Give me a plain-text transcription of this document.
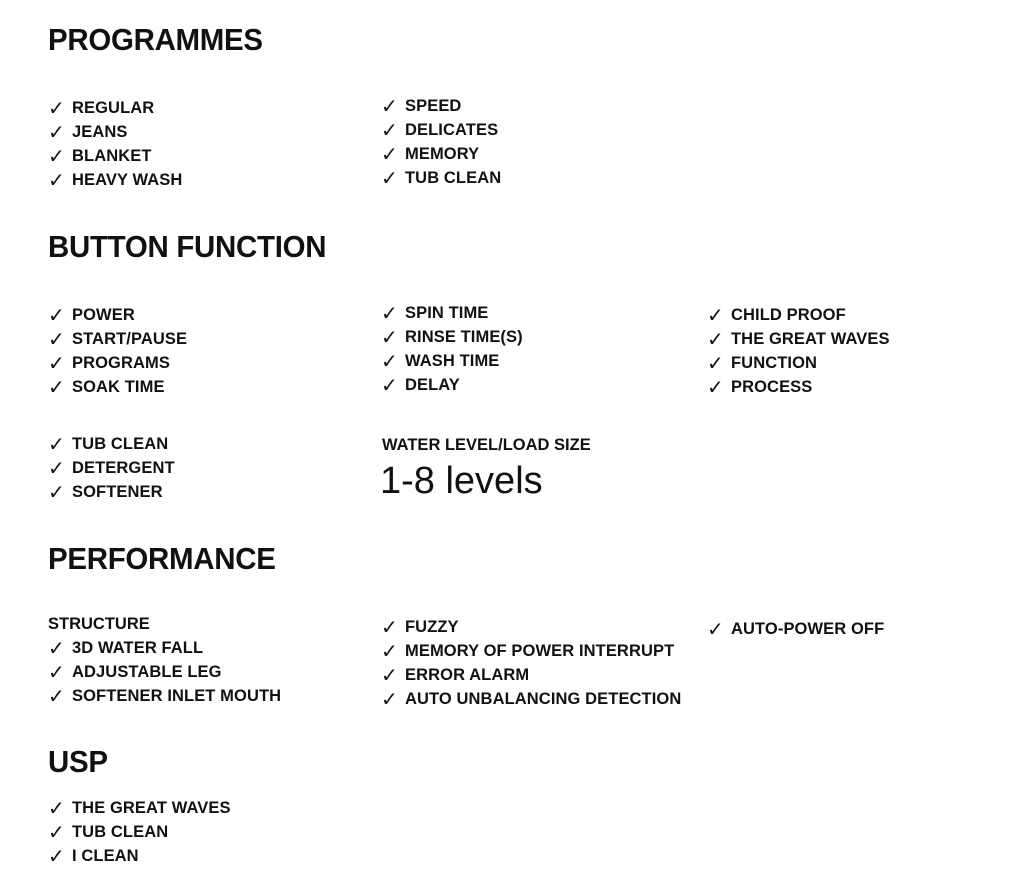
PROGRAMMES
✓ REGULAR
✓ JEANS
✓ BLANKET
✓ HEAVY WASH
✓ SPEED
✓ DELICATES
✓ MEMORY
✓ TUB CLEAN
BUTTON FUNCTION
✓ POWER
✓ START/PAUSE
✓ PROGRAMS
✓ SOAK TIME
✓ SPIN TIME
✓ RINSE TIME(S)
✓ WASH TIME
✓ DELAY
✓ CHILD PROOF
✓ THE GREAT WAVES
✓ FUNCTION
✓ PROCESS
✓ TUB CLEAN
✓ DETERGENT
✓ SOFTENER

WATER LEVEL/LOAD SIZE

1-8 levels

PERFORMANCE

STRUCTURE

✓ 3D WATER FALL
✓ ADJUSTABLE LEG
✓ SOFTENER INLET MOUTH
✓ FUZZY
✓ MEMORY OF POWER INTERRUPT
✓ ERROR ALARM
✓ AUTO UNBALANCING DETECTION
✓ AUTO-POWER OFF
USP
✓ THE GREAT WAVES
✓ TUB CLEAN
✓ I CLEAN
